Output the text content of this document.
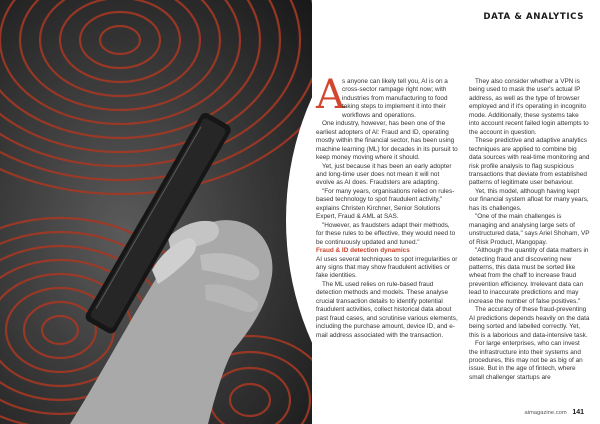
DATA & ANALYTICS
A

s anyone can likely tell you, AI is on a cross-sector rampage right now; with industries from manufacturing to food taking steps to implement it into their workflows and operations.

One industry, however, has been one of the earliest adopters of AI: Fraud and ID, operating mostly within the financial sector, has been using machine learning (ML) for decades in its pursuit to keep money moving where it should.

Yet, just because it has been an early adopter and long-time user does not mean it will not evolve as AI does. Fraudsters are adapting.

"For many years, organisations relied on rules-based technology to spot fraudulent activity," explains Christen Kirchner, Senior Solutions Expert, Fraud & AML at SAS.

"However, as fraudsters adapt their methods, for these rules to be effective, they would need to be continuously updated and tuned."

Fraud & ID detection dynamics

AI uses several techniques to spot irregularities or any signs that may show fraudulent activities or fake identities.

The ML used relies on rule-based fraud detection methods and models. These analyse crucial transaction details to identify potential fraudulent activities, collect historical data about past fraud cases, and scrutinise various elements, including the purchase amount, device ID, and e-mail address associated with the transaction.

They also consider whether a VPN is being used to mask the user's actual IP address, as well as the type of browser employed and if it's operating in incognito mode. Additionally, these systems take into account recent failed login attempts to the account in question.

These predictive and adaptive analytics techniques are applied to combine big data sources with real-time monitoring and risk profile analysis to flag suspicious transactions that deviate from established patterns of legitimate user behaviour.

Yet, this model, although having kept our financial system afloat for many years, has its challenges.

"One of the main challenges is managing and analysing large sets of unstructured data," says Ariel Shoham, VP of Risk Product, Mangopay.

"Although the quantity of data matters in detecting fraud and discovering new patterns, this data must be sorted like wheat from the chaff to increase fraud prevention efficiency. Irrelevant data can lead to inaccurate predictions and may increase the number of false positives."

The accuracy of these fraud-preventing AI predictions depends heavily on the data being sorted and labelled correctly. Yet, this is a laborious and data-intensive task.

For large enterprises, who can invest the infrastructure into their systems and procedures, this may not be as big of an issue. But in the age of fintech, where small challenger startups are

aimagazine.com 141
